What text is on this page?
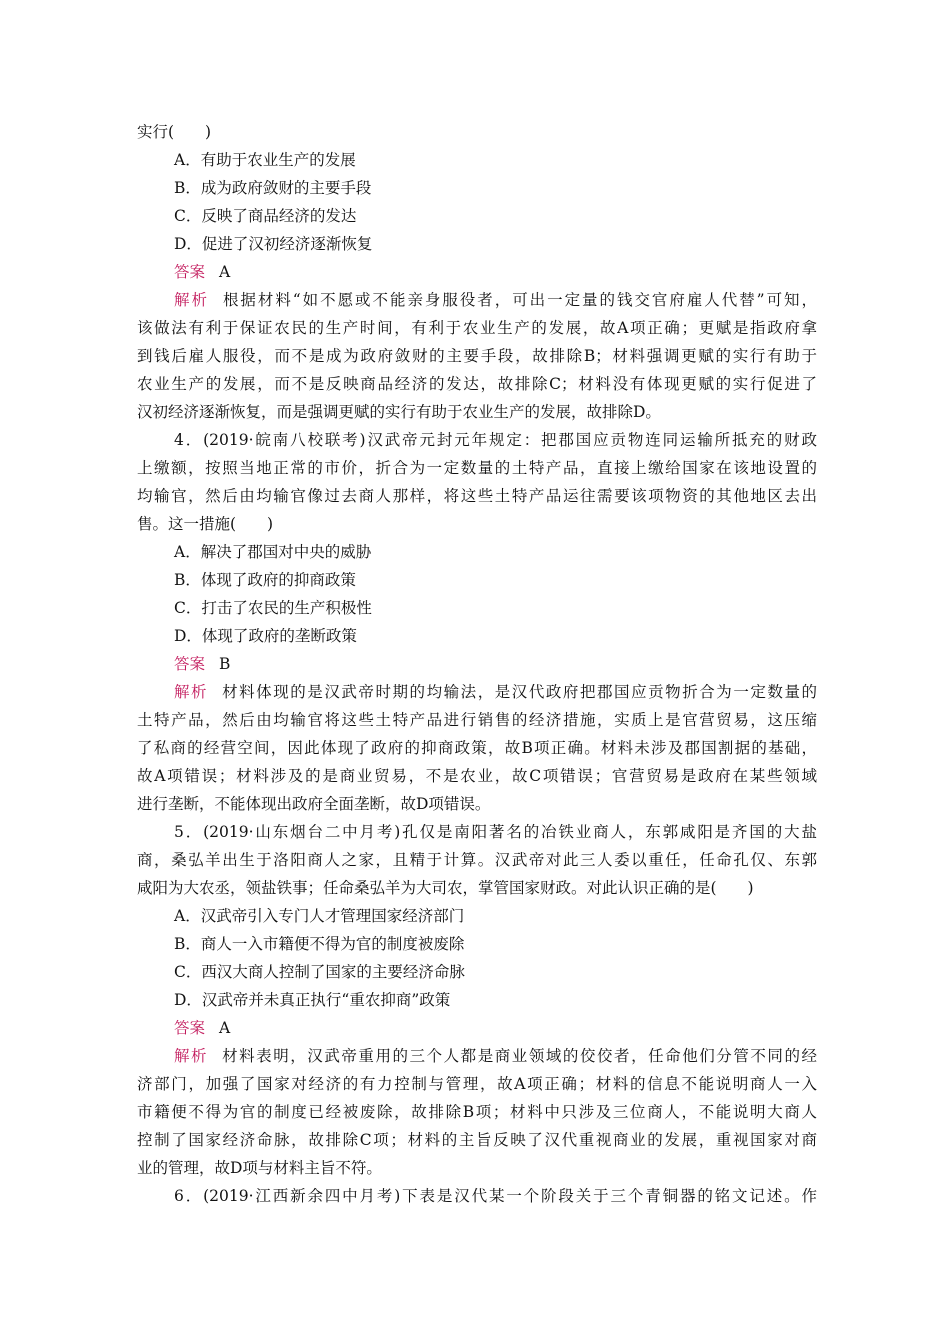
实行(　　)
A．有助于农业生产的发展
B．成为政府敛财的主要手段
C．反映了商品经济的发达
D．促进了汉初经济逐渐恢复
答案 A
解析 根据材料“如不愿或不能亲身服役者，可出一定量的钱交官府雇人代替”可知，
该做法有利于保证农民的生产时间，有利于农业生产的发展，故A项正确；更赋是指政府拿
到钱后雇人服役，而不是成为政府敛财的主要手段，故排除B；材料强调更赋的实行有助于
农业生产的发展，而不是反映商品经济的发达，故排除C；材料没有体现更赋的实行促进了
汉初经济逐渐恢复，而是强调更赋的实行有助于农业生产的发展，故排除D。
4．(2019·皖南八校联考)汉武帝元封元年规定：把郡国应贡物连同运输所抵充的财政
上缴额，按照当地正常的市价，折合为一定数量的土特产品，直接上缴给国家在该地设置的
均输官，然后由均输官像过去商人那样，将这些土特产品运往需要该项物资的其他地区去出
售。这一措施(　　)
A．解决了郡国对中央的威胁
B．体现了政府的抑商政策
C．打击了农民的生产积极性
D．体现了政府的垄断政策
答案 B
解析 材料体现的是汉武帝时期的均输法，是汉代政府把郡国应贡物折合为一定数量的
土特产品，然后由均输官将这些土特产品进行销售的经济措施，实质上是官营贸易，这压缩
了私商的经营空间，因此体现了政府的抑商政策，故B项正确。材料未涉及郡国割据的基础，
故A项错误；材料涉及的是商业贸易，不是农业，故C项错误；官营贸易是政府在某些领域
进行垄断，不能体现出政府全面垄断，故D项错误。
5．(2019·山东烟台二中月考)孔仅是南阳著名的冶铁业商人，东郭咸阳是齐国的大盐
商，桑弘羊出生于洛阳商人之家，且精于计算。汉武帝对此三人委以重任，任命孔仅、东郭
咸阳为大农丞，领盐铁事；任命桑弘羊为大司农，掌管国家财政。对此认识正确的是(　　)
A．汉武帝引入专门人才管理国家经济部门
B．商人一入市籍便不得为官的制度被废除
C．西汉大商人控制了国家的主要经济命脉
D．汉武帝并未真正执行“重农抑商”政策
答案 A
解析 材料表明，汉武帝重用的三个人都是商业领域的佼佼者，任命他们分管不同的经
济部门，加强了国家对经济的有力控制与管理，故A项正确；材料的信息不能说明商人一入
市籍便不得为官的制度已经被废除，故排除B项；材料中只涉及三位商人，不能说明大商人
控制了国家经济命脉，故排除C项；材料的主旨反映了汉代重视商业的发展，重视国家对商
业的管理，故D项与材料主旨不符。
6．(2019·江西新余四中月考)下表是汉代某一个阶段关于三个青铜器的铭文记述。作
